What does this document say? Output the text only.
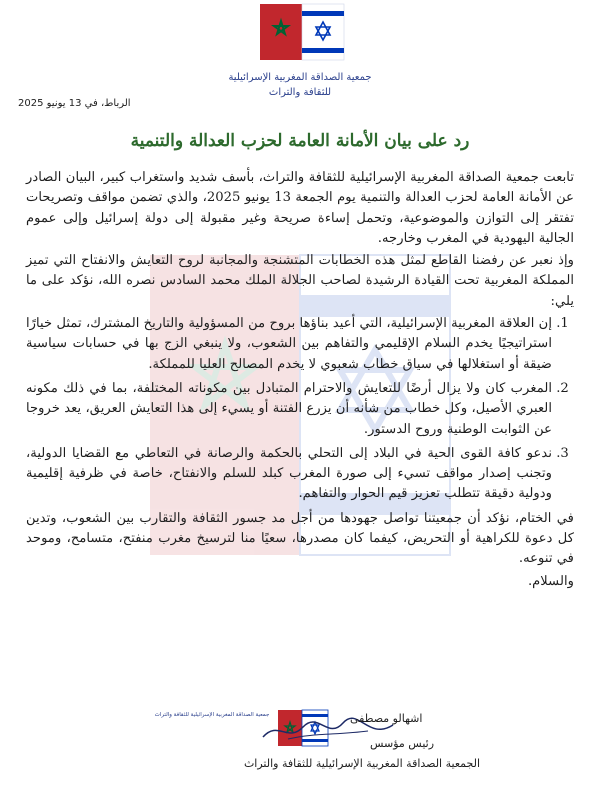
جمعية الصداقة المغربية الإسرائيلية
للثقافة والتراث
الرباط، في 13 يونيو 2025
رد على بيان الأمانة العامة لحزب العدالة والتنمية

تابعت جمعية الصداقة المغربية الإسرائيلية للثقافة والتراث، بأسف شديد واستغراب كبير، البيان الصادر عن الأمانة العامة لحزب العدالة والتنمية يوم الجمعة 13 يونيو 2025، والذي تضمن مواقف وتصريحات تفتقر إلى التوازن والموضوعية، وتحمل إساءة صريحة وغير مقبولة إلى دولة إسرائيل وإلى عموم الجالية اليهودية في المغرب وخارجه.

وإذ نعبر عن رفضنا القاطع لمثل هذه الخطابات المتشنجة والمجانبة لروح التعايش والانفتاح التي تميز المملكة المغربية تحت القيادة الرشيدة لصاحب الجلالة الملك محمد السادس نصره الله، نؤكد على ما يلي:

1. إن العلاقة المغربية الإسرائيلية، التي أعيد بناؤها بروح من المسؤولية والتاريخ المشترك، تمثل خيارًا استراتيجيًا يخدم السلام الإقليمي والتفاهم بين الشعوب، ولا ينبغي الزج بها في حسابات سياسية ضيقة أو استغلالها في سياق خطاب شعبوي لا يخدم المصالح العليا للمملكة.
2. المغرب كان ولا يزال أرضًا للتعايش والاحترام المتبادل بين مكوناته المختلفة، بما في ذلك مكونه العبري الأصيل، وكل خطاب من شأنه أن يزرع الفتنة أو يسيء إلى هذا التعايش العريق، يعد خروجا عن الثوابت الوطنية وروح الدستور.
3. ندعو كافة القوى الحية في البلاد إلى التحلي بالحكمة والرصانة في التعاطي مع القضايا الدولية، وتجنب إصدار مواقف تسيء إلى صورة المغرب كبلد للسلم والانفتاح، خاصة في ظرفية إقليمية ودولية دقيقة تتطلب تعزيز قيم الحوار والتفاهم.

في الختام، نؤكد أن جمعيتنا تواصل جهودها من أجل مد جسور الثقافة والتقارب بين الشعوب، وتدين كل دعوة للكراهية أو التحريض، كيفما كان مصدرها، سعيًا منا لترسيخ مغرب منفتح، متسامح، وموحد في تنوعه.

والسلام.

جمعية الصداقة المغربية الإسرائيلية للثقافة والتراث	اشهالو مصطفى
رئيس مؤسس
الجمعية الصداقة المغربية الإسرائيلية للثقافة والتراث
